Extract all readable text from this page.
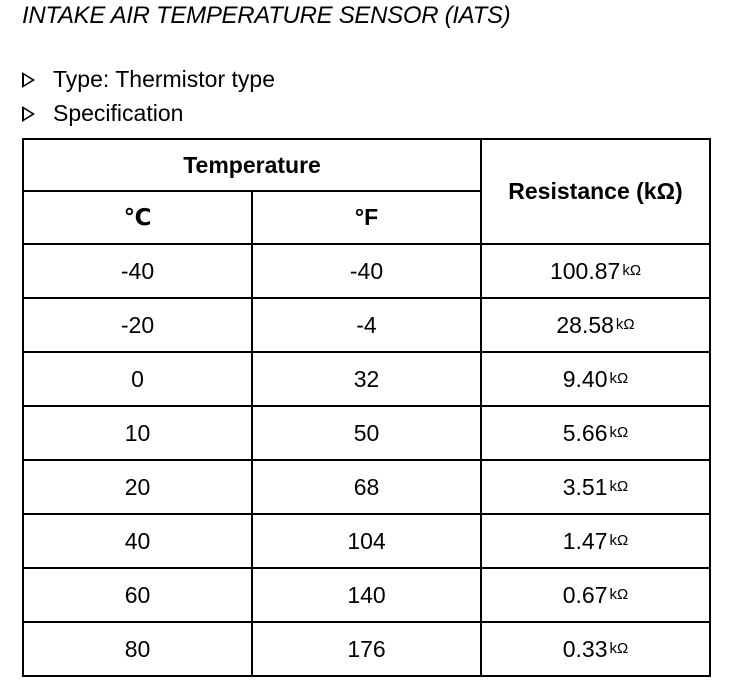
INTAKE AIR TEMPERATURE SENSOR (IATS)
Type: Thermistor type
Specification
Temperature		Resistance (kΩ)
℃	°F	
-40	-40	100.87 kΩ
-20	-4	28.58 kΩ
0	32	9.40 kΩ
10	50	5.66 kΩ
20	68	3.51 kΩ
40	104	1.47 kΩ
60	140	0.67 kΩ
80	176	0.33 kΩ
